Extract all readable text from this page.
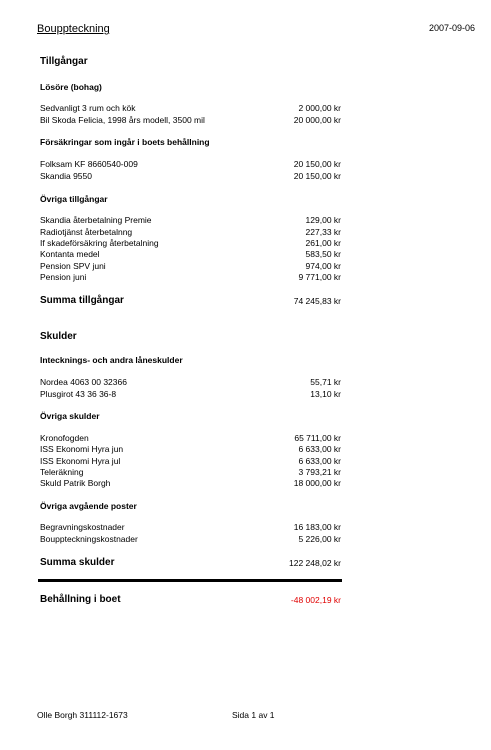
Bouppteckning	2007-09-06
Tillgångar
Lösöre (bohag)
Sedvanligt 3 rum och kök	2 000,00 kr
Bil Skoda Felicia, 1998 års modell, 3500 mil	20 000,00 kr
Försäkringar som ingår i boets behållning
Folksam KF 8660540-009	20 150,00 kr
Skandia 9550	20 150,00 kr
Övriga tillgångar
Skandia återbetalning Premie	129,00 kr
Radiotjänst återbetalnng	227,33 kr
If skadeförsäkring återbetalning	261,00 kr
Kontanta medel	583,50 kr
Pension SPV juni	974,00 kr
Pension juni	9 771,00 kr
Summa tillgångar	74 245,83 kr
Skulder
Intecknings- och andra låneskulder
Nordea 4063 00 32366	55,71 kr
Plusgirot 43 36 36-8	13,10 kr
Övriga skulder
Kronofogden	65 711,00 kr
ISS Ekonomi Hyra jun	6 633,00 kr
ISS Ekonomi Hyra jul	6 633,00 kr
Teleräkning	3 793,21 kr
Skuld Patrik Borgh	18 000,00 kr
Övriga avgående poster
Begravningskostnader	16 183,00 kr
Bouppteckningskostnader	5 226,00 kr
Summa skulder	122 248,02 kr
Behållning i boet	-48 002,19 kr
Olle Borgh 311112-1673	Sida 1 av 1
